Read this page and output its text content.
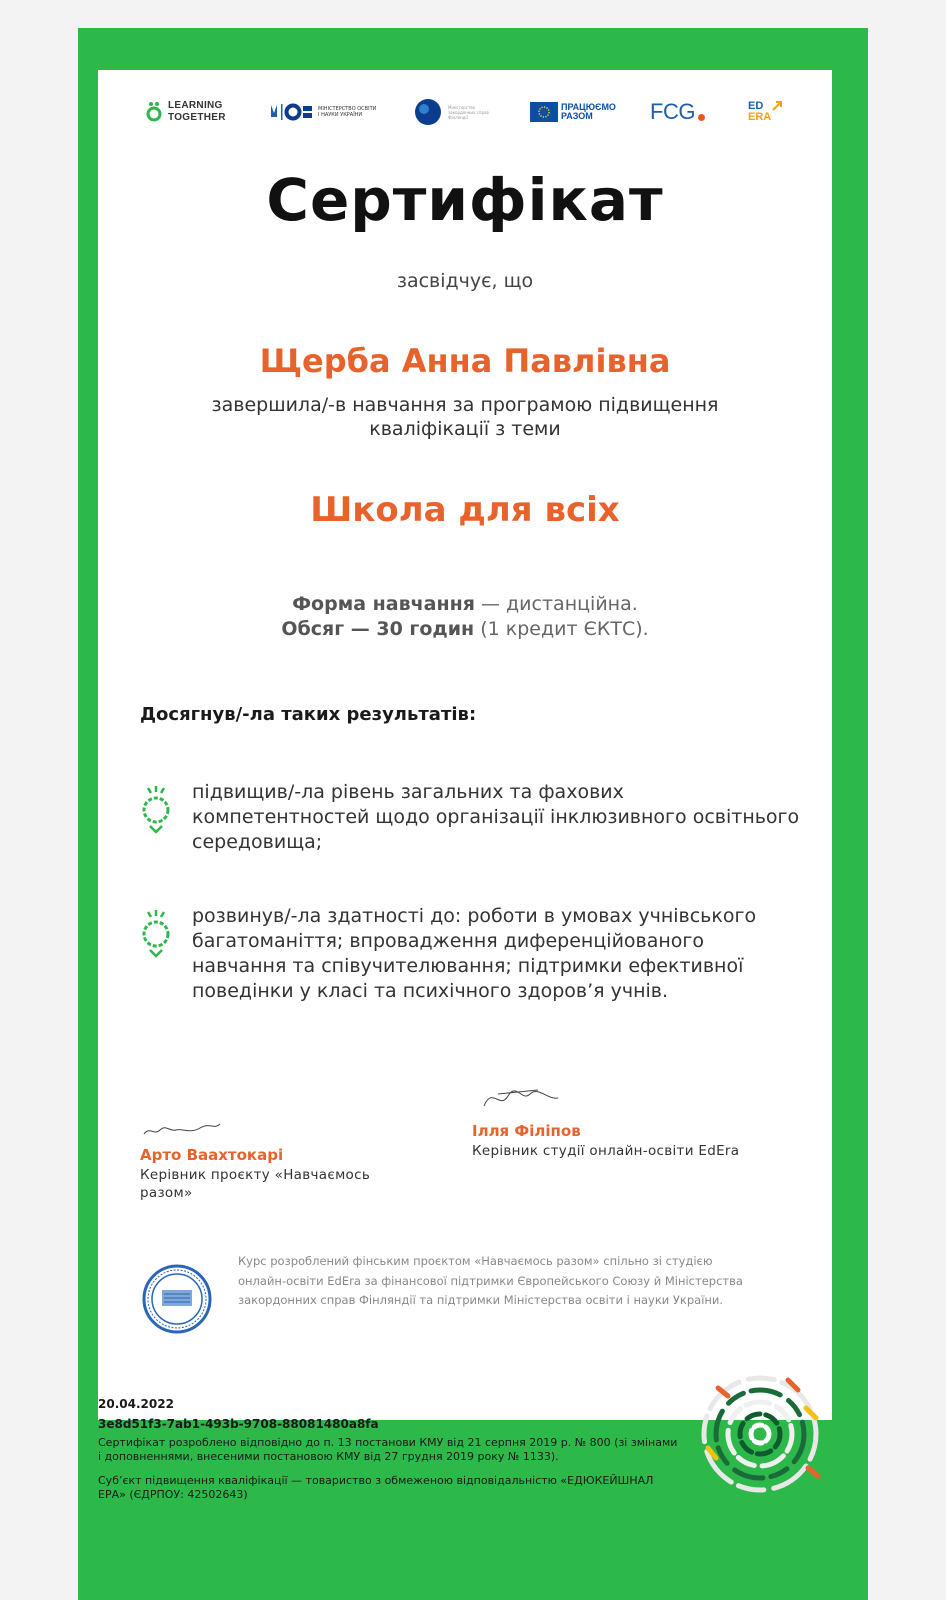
LEARNING TOGETHER
МІНІСТЕРСТВО ОСВІТИ І НАУКИ УКРАЇНИ
Міністерство закордонних справ Фінляндії
ПРАЦЮЄМО РАЗОМ	FCG	ED
ERA
Сертифікат
засвідчує, що
Щерба Анна Павлівна
завершила/-в навчання за програмою підвищення кваліфікації з теми
Школа для всіх
Форма навчання — дистанційна.
Обсяг — 30 годин (1 кредит ЄКТС).
Досягнув/-ла таких результатів:
підвищив/-ла рівень загальних та фахових компетентностей щодо організації інклюзивного освітнього середовища;
розвинув/-ла здатності до: роботи в умовах учнівського багатоманіття; впровадження диференційованого навчання та співучителювання; підтримки ефективної поведінки у класі та психічного здоров’я учнів.
Арто Ваахтокарі
Керівник проєкту «Навчаємось разом»
Ілля Філіпов
Керівник студії онлайн-освіти EdEra
Курс розроблений фінським проєктом «Навчаємось разом» спільно зі студією онлайн-освіти EdEra за фінансової підтримки Європейського Союзу й Міністерства закордонних справ Фінляндії та підтримки Міністерства освіти і науки України.
20.04.2022
3e8d51f3-7ab1-493b-9708-88081480a8fa
Сертифікат розроблено відповідно до п. 13 постанови КМУ від 21 серпня 2019 р. № 800 (зі змінами і доповненнями, внесеними постановою КМУ від 27 грудня 2019 року № 1133).
Суб’єкт підвищення кваліфікації — товариство з обмеженою відповідальністю «ЕДЮКЕЙШНАЛ ЕРА» (ЄДРПОУ: 42502643)
